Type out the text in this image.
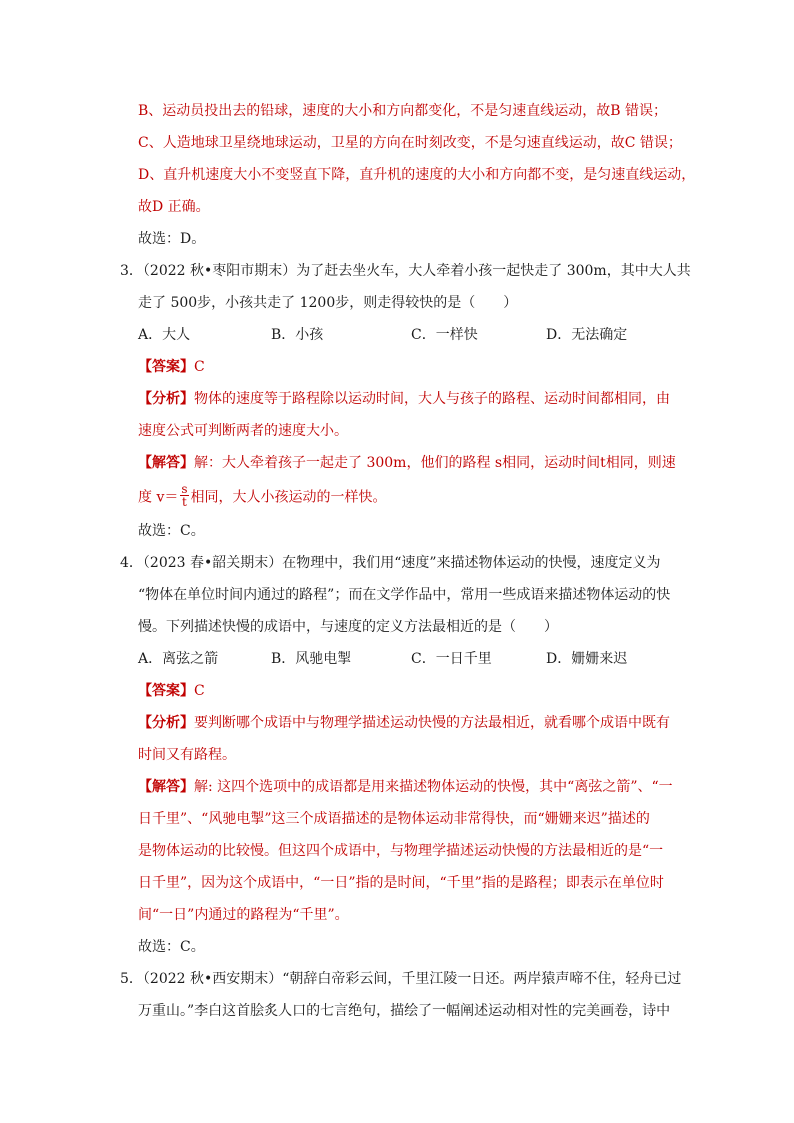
B、运动员投出去的铅球，速度的大小和方向都变化，不是匀速直线运动，故B 错误；
C、人造地球卫星绕地球运动，卫星的方向在时刻改变，不是匀速直线运动，故C 错误；
D、直升机速度大小不变竖直下降，直升机的速度的大小和方向都不变，是匀速直线运动，
故D 正确。
故选：D。
3．（2022 秋•枣阳市期末）为了赶去坐火车，大人牵着小孩一起快走了 300m，其中大人共
走了 500步，小孩共走了 1200步，则走得较快的是（　　）
A．大人	B．小孩	C．一样快	D．无法确定
【答案】C
【分析】物体的速度等于路程除以运动时间，大人与孩子的路程、运动时间都相同，由
速度公式可判断两者的速度大小。
【解答】解：大人牵着孩子一起走了 300m，他们的路程 s相同，运动时间t相同，则速
度 $v= \frac{s}{t}$ 相同，大人小孩运动的一样快。
故选：C。
4．（2023 春•韶关期末）在物理中，我们用“速度”来描述物体运动的快慢，速度定义为
“物体在单位时间内通过的路程”；而在文学作品中，常用一些成语来描述物体运动的快
慢。下列描述快慢的成语中，与速度的定义方法最相近的是（　　）
A．离弦之箭	B．风驰电掣	C．一日千里	D．姗姗来迟
【答案】C
【分析】要判断哪个成语中与物理学描述运动快慢的方法最相近，就看哪个成语中既有
时间又有路程。
【解答】解: 这四个选项中的成语都是用来描述物体运动的快慢，其中“离弦之箭”、“一
日千里”、“风驰电掣”这三个成语描述的是物体运动非常得快，而“姗姗来迟”描述的
是物体运动的比较慢。但这四个成语中，与物理学描述运动快慢的方法最相近的是“一
日千里”，因为这个成语中，“一日”指的是时间，“千里”指的是路程；即表示在单位时
间“一日”内通过的路程为“千里”。
故选：C。
5．（2022 秋•西安期末）“朝辞白帝彩云间，千里江陵一日还。两岸猿声啼不住，轻舟已过
万重山。”李白这首脍炙人口的七言绝句，描绘了一幅阐述运动相对性的完美画卷，诗中
